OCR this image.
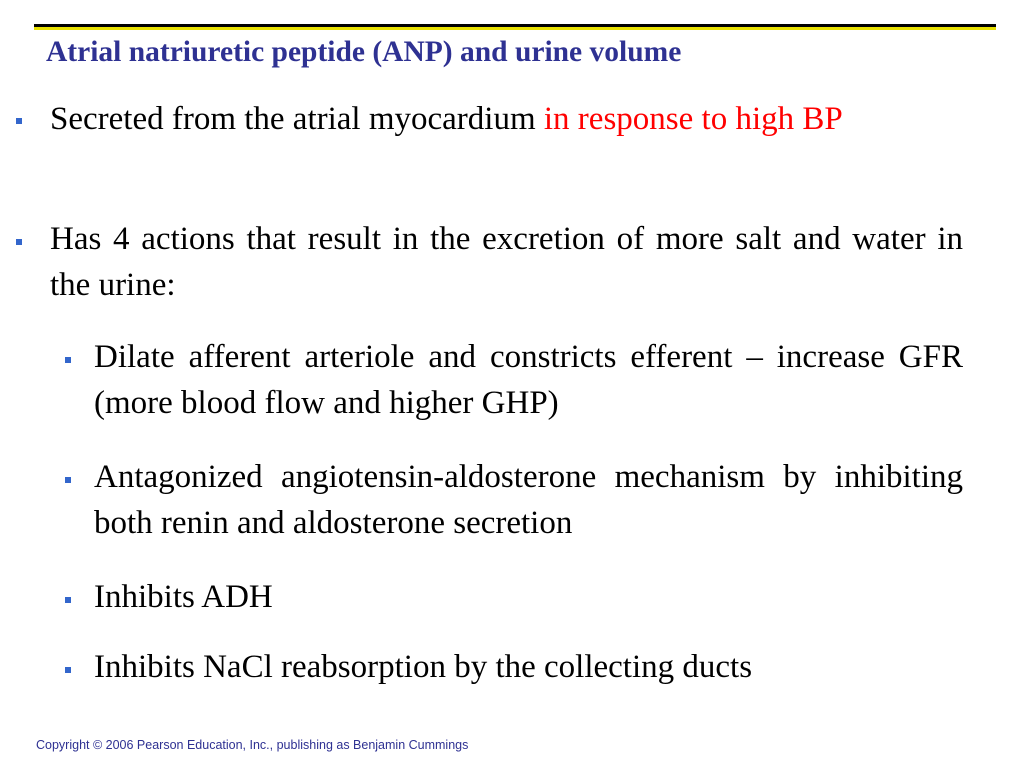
Atrial natriuretic peptide (ANP) and urine volume
Secreted from the atrial myocardium in response to high BP
Has 4 actions that result in the excretion of more salt and water in the urine:
Dilate afferent arteriole and constricts efferent – increase GFR (more blood flow and higher GHP)
Antagonized angiotensin-aldosterone mechanism by inhibiting both renin and aldosterone secretion
Inhibits ADH
Inhibits NaCl reabsorption by the collecting ducts
Copyright © 2006 Pearson Education, Inc., publishing as Benjamin Cummings
